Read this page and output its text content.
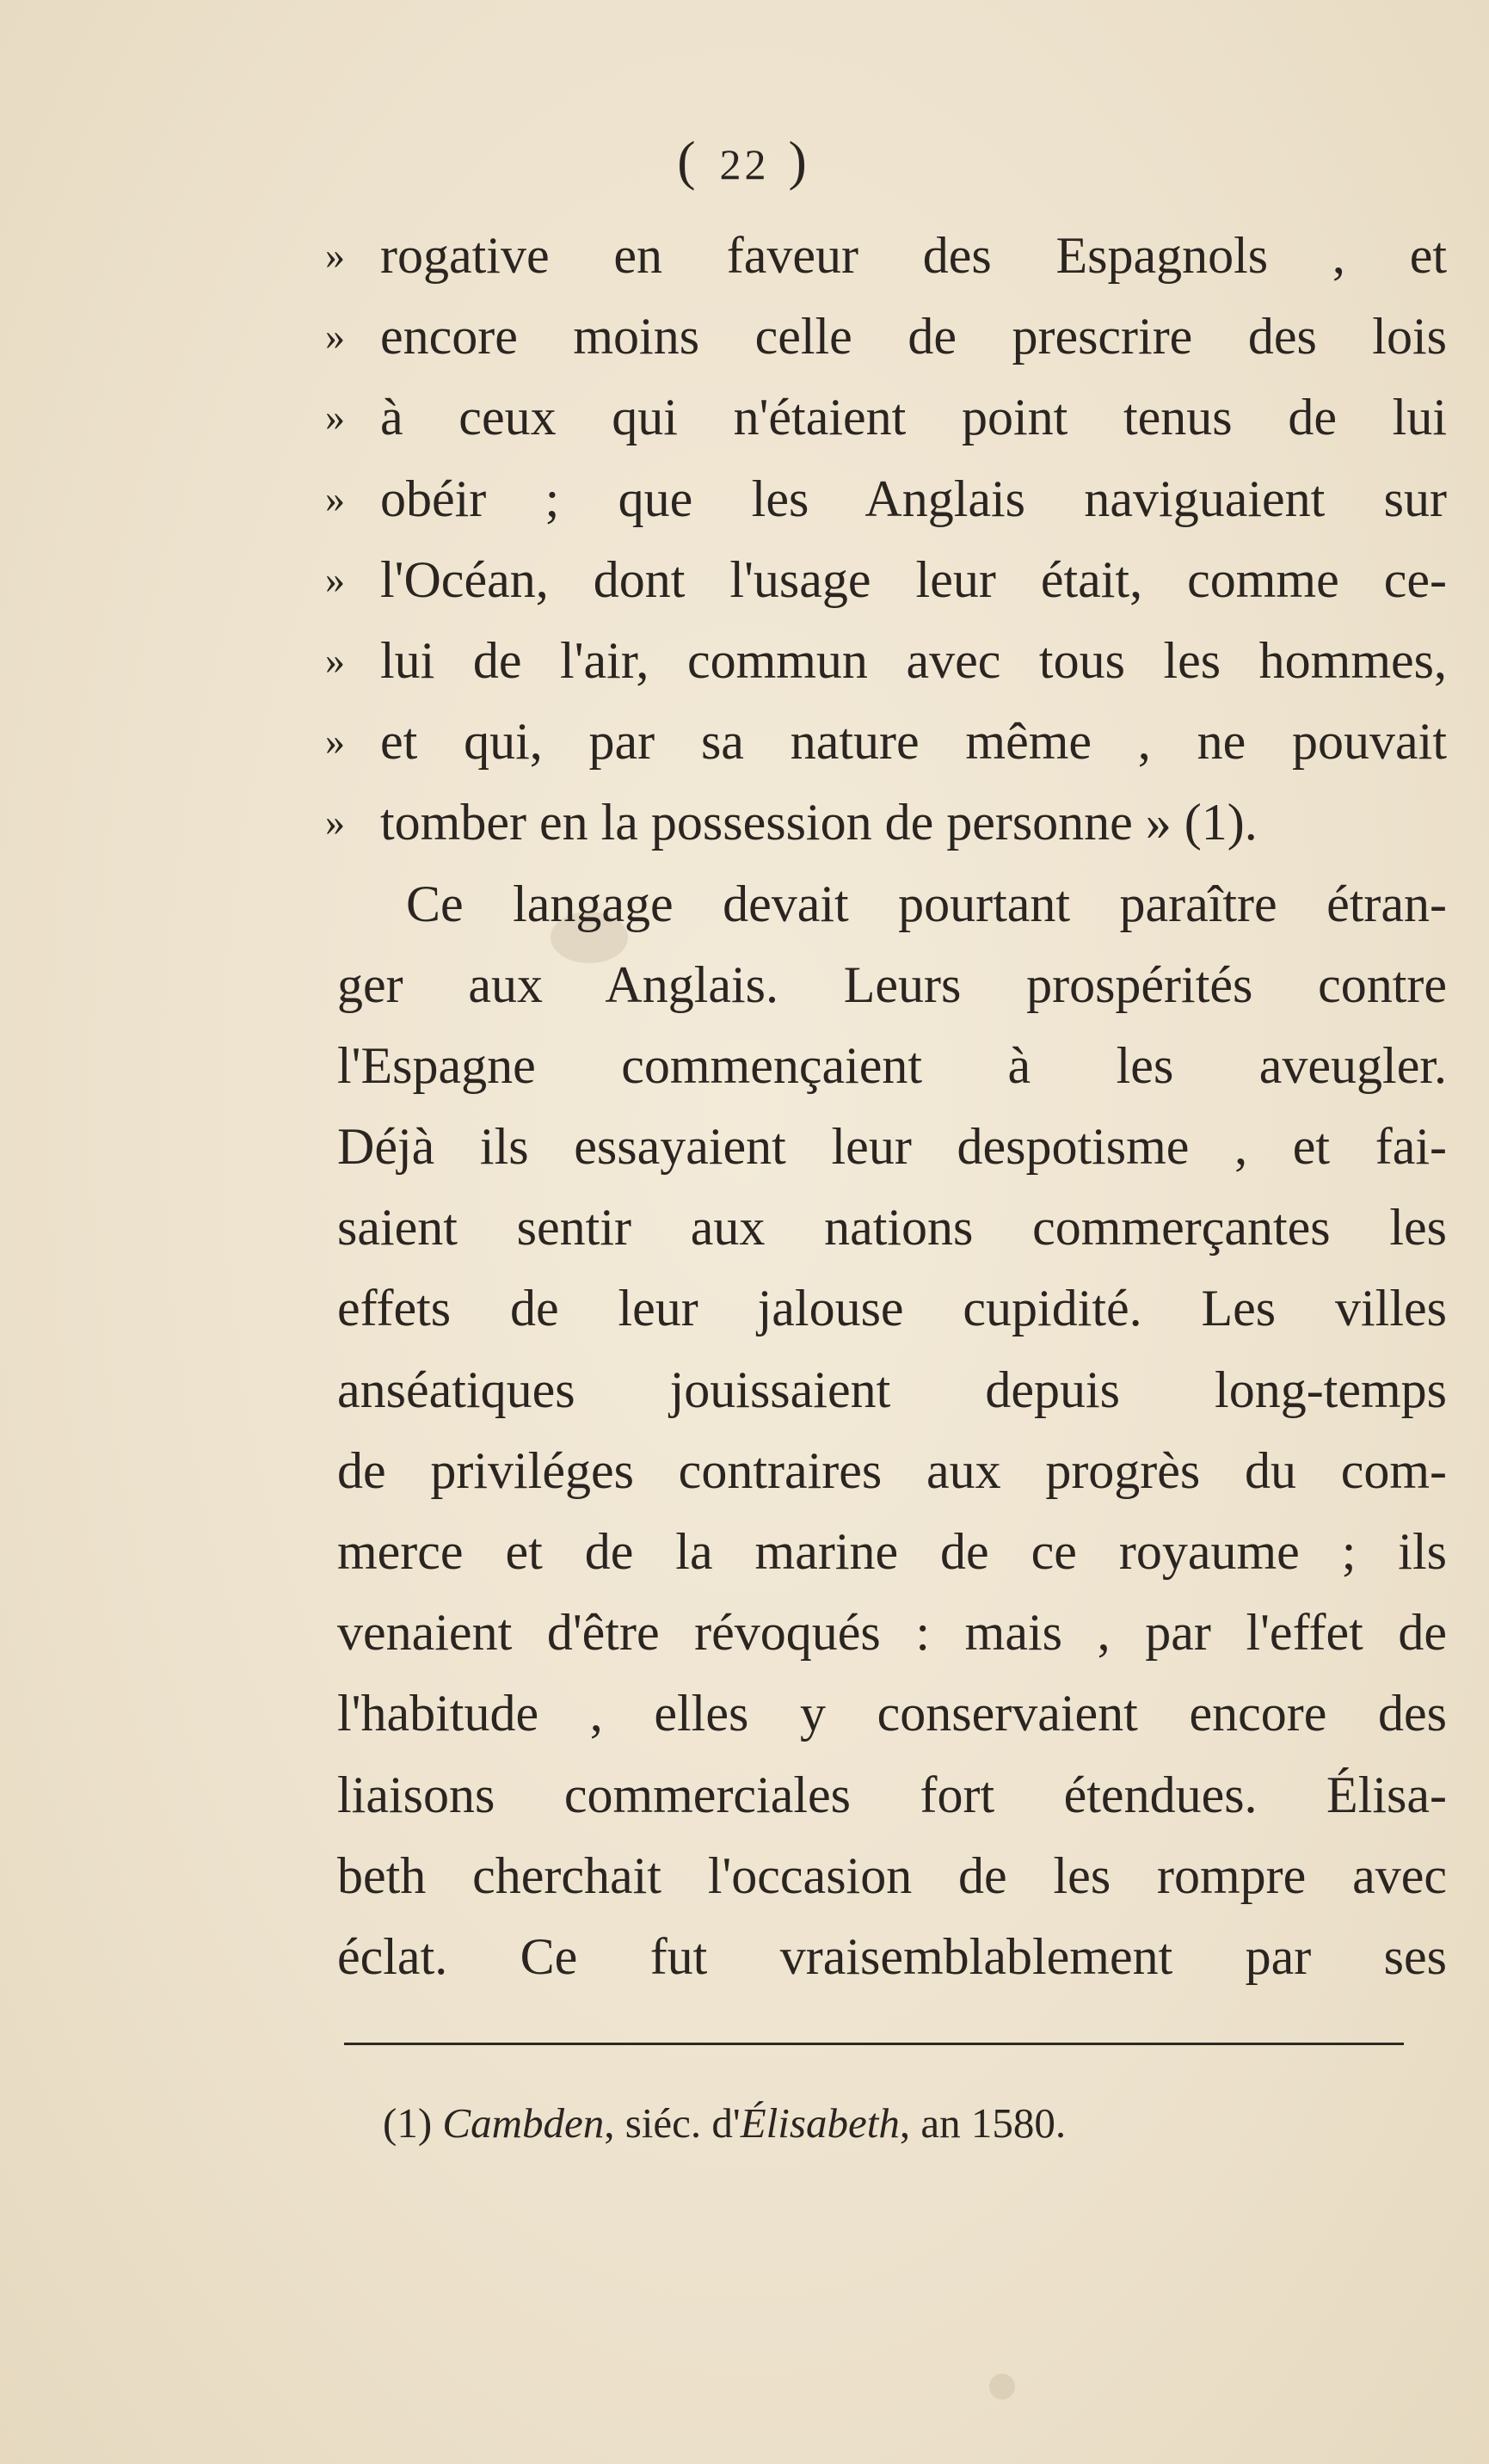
( 22 )
» rogative en faveur des Espagnols , et
» encore moins celle de prescrire des lois
» à ceux qui n'étaient point tenus de lui
» obéir ; que les Anglais naviguaient sur
» l'Océan, dont l'usage leur était, comme ce-
» lui de l'air, commun avec tous les hommes,
» et qui, par sa nature même , ne pouvait
» tomber en la possession de personne » (1).
Ce langage devait pourtant paraître étran-
ger aux Anglais. Leurs prospérités contre
l'Espagne commençaient à les aveugler.
Déjà ils essayaient leur despotisme , et fai-
saient sentir aux nations commerçantes les
effets de leur jalouse cupidité. Les villes
anséatiques jouissaient depuis long-temps
de priviléges contraires aux progrès du com-
merce et de la marine de ce royaume ; ils
venaient d'être révoqués : mais , par l'effet de
l'habitude , elles y conservaient encore des
liaisons commerciales fort étendues. Élisa-
beth cherchait l'occasion de les rompre avec
éclat. Ce fut vraisemblablement par ses
(1) Cambden, siéc. d'Élisabeth, an 1580.
